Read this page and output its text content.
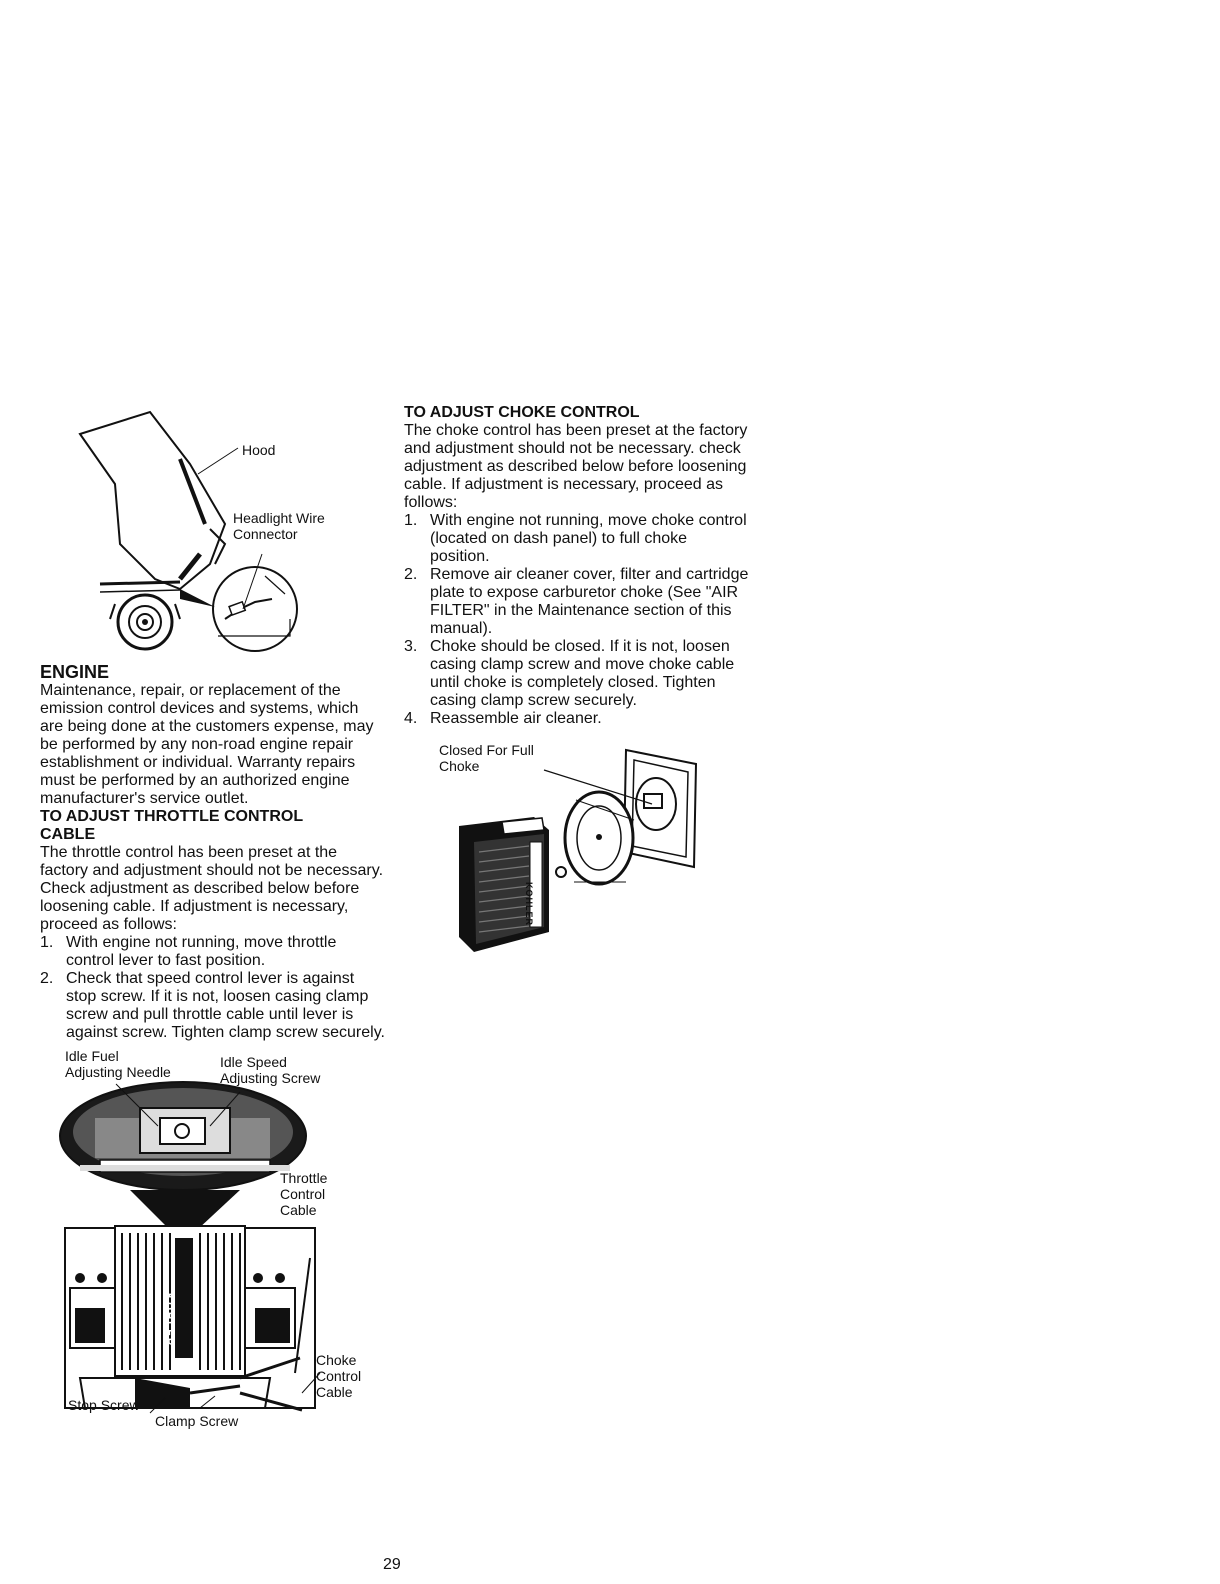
Hood
Headlight Wire
Connector
ENGINE

Maintenance, repair, or replacement of the emission control devices and systems, which are being done at the customers expense, may be performed by any non-road engine repair establishment or individual. Warranty repairs must be performed by an authorized engine manufacturer's service outlet.

TO ADJUST THROTTLE CONTROL CABLE

The throttle control has been preset at the factory and adjustment should not be necessary. Check adjustment as described below before loosening cable. If adjustment is necessary, proceed as follows:

1. With engine not running, move throttle control lever to fast position.
2. Check that speed control lever is against stop screw. If it is not, loosen casing clamp screw and pull throttle cable until lever is against screw. Tighten clamp screw securely.
Idle Fuel
Adjusting Needle
Idle Speed
Adjusting Screw
Throttle
Control
Cable
Choke
Control
Cable
Stop Screw
Clamp Screw
KOHLER
TO ADJUST CHOKE CONTROL

The choke control has been preset at the factory and adjustment should not be necessary. check adjustment as described below before loosening cable. If adjustment is necessary, proceed as follows:

1. With engine not running, move choke control (located on dash panel) to full choke position.
2. Remove air cleaner cover, filter and cartridge plate to expose carburetor choke (See "AIR FILTER" in the Maintenance section of this manual).
3. Choke should be closed. If it is not, loosen casing clamp screw and move choke cable until choke is completely closed. Tighten casing clamp screw securely.
4. Reassemble air cleaner.
Closed For Full
Choke
KOHLER
29
